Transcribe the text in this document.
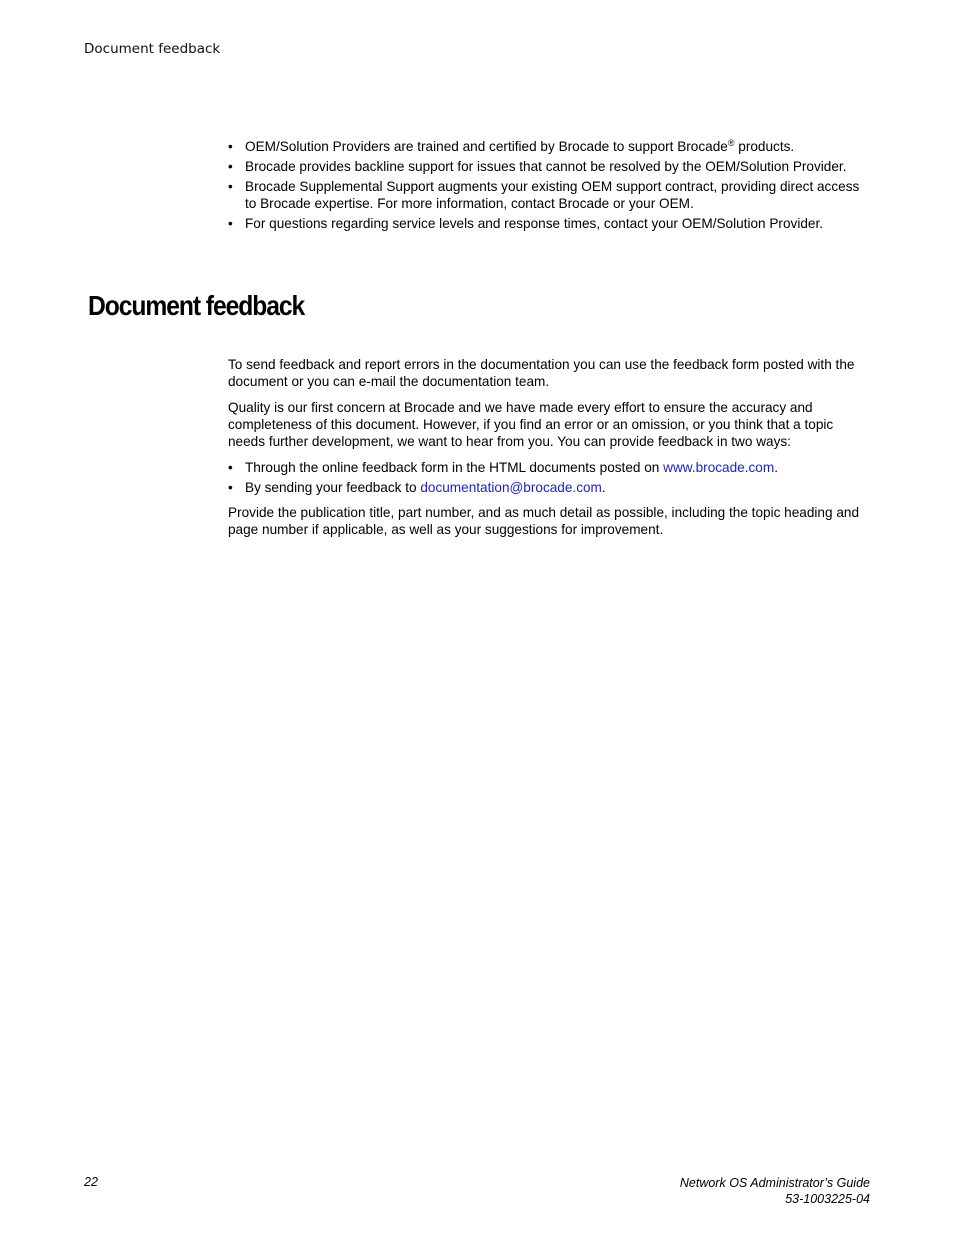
Document feedback
• OEM/Solution Providers are trained and certified by Brocade to support Brocade® products.
• Brocade provides backline support for issues that cannot be resolved by the OEM/Solution Provider.
• Brocade Supplemental Support augments your existing OEM support contract, providing direct access to Brocade expertise. For more information, contact Brocade or your OEM.
• For questions regarding service levels and response times, contact your OEM/Solution Provider.
Document feedback

To send feedback and report errors in the documentation you can use the feedback form posted with the document or you can e-mail the documentation team.

Quality is our first concern at Brocade and we have made every effort to ensure the accuracy and completeness of this document. However, if you find an error or an omission, or you think that a topic needs further development, we want to hear from you. You can provide feedback in two ways:

• Through the online feedback form in the HTML documents posted on www.brocade.com.
• By sending your feedback to documentation@brocade.com.

Provide the publication title, part number, and as much detail as possible, including the topic heading and page number if applicable, as well as your suggestions for improvement.

22	Network OS Administrator’s Guide
53-1003225-04
